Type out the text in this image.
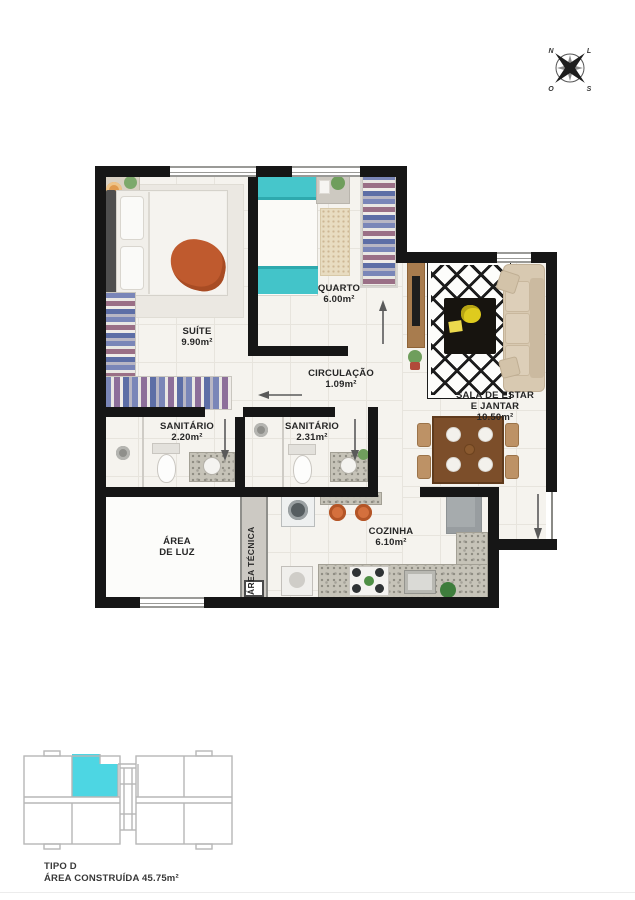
N	L
S
O
SUÍTE
9.90m²
QUARTO
6.00m²
CIRCULAÇÃO
1.09m²
SALA DE ESTAR
E JANTAR
10.50m²
SANITÁRIO
2.20m²
SANITÁRIO
2.31m²
ÁREA
DE LUZ	ÁREA TÉCNICA	COZINHA
6.10m²
TIPO D
ÁREA CONSTRUÍDA 45.75m²
